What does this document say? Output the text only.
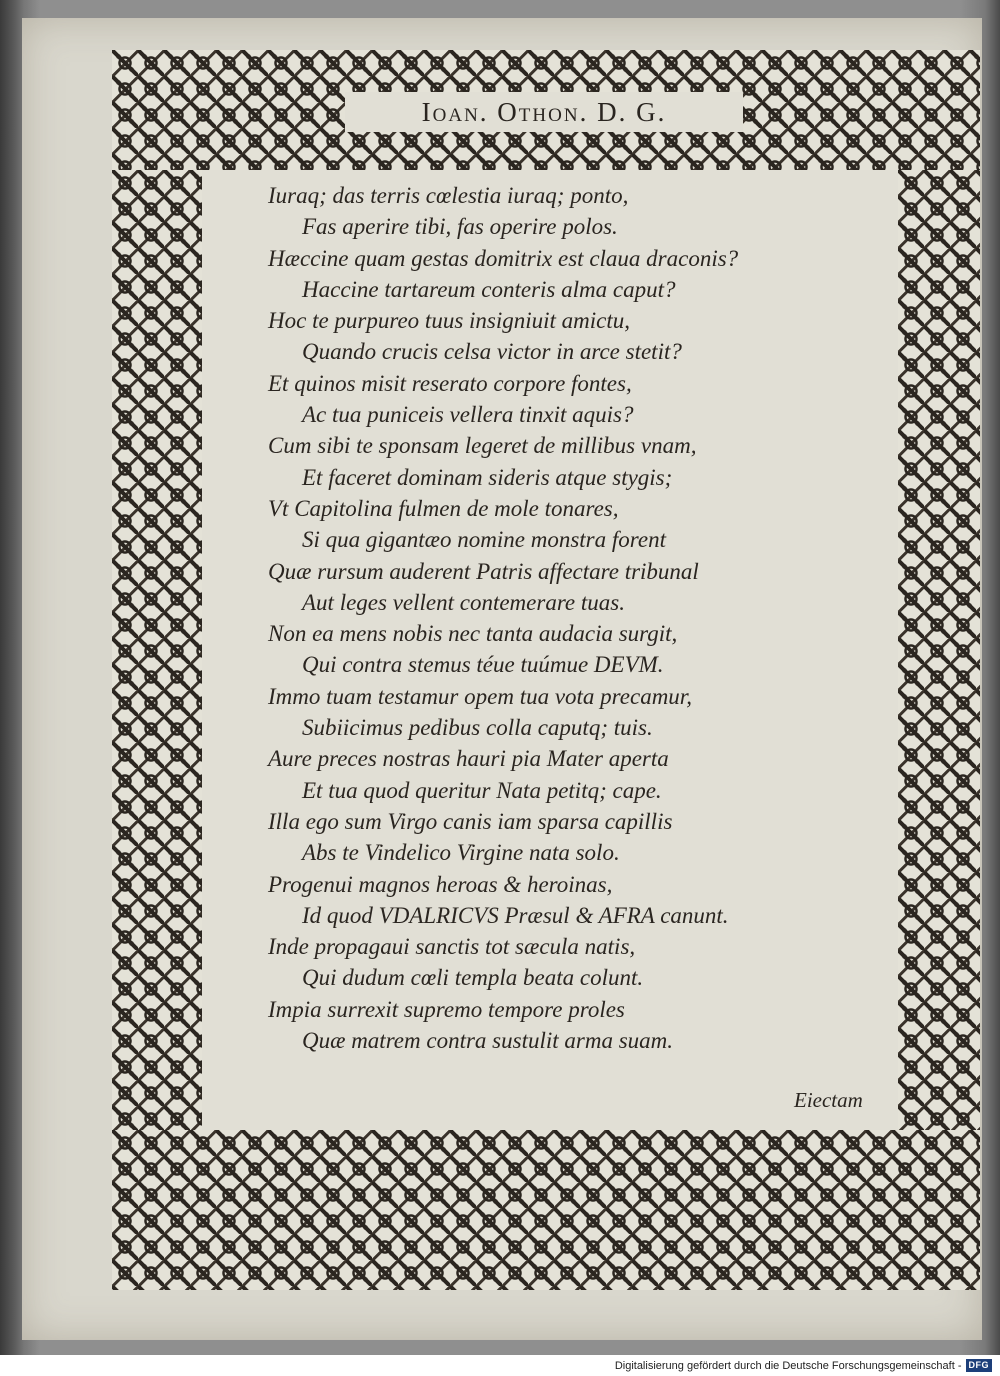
Ioan. Othon. D. G.
Iuraq; das terris cœlestia iuraq; ponto,
Fas aperire tibi, fas operire polos.
Hæccine quam gestas domitrix est claua draconis?
Haccine tartareum conteris alma caput?
Hoc te purpureo tuus insigniuit amictu,
Quando crucis celsa victor in arce stetit?
Et quinos misit reserato corpore fontes,
Ac tua puniceis vellera tinxit aquis?
Cum sibi te sponsam legeret de millibus vnam,
Et faceret dominam sideris atque stygis;
Vt Capitolina fulmen de mole tonares,
Si qua gigantæo nomine monstra forent
Quæ rursum auderent Patris affectare tribunal
Aut leges vellent contemerare tuas.
Non ea mens nobis nec tanta audacia surgit,
Qui contra stemus téue tuúmue DEVM.
Immo tuam testamur opem tua vota precamur,
Subiicimus pedibus colla caputq; tuis.
Aure preces nostras hauri pia Mater aperta
Et tua quod queritur Nata petitq; cape.
Illa ego sum Virgo canis iam sparsa capillis
Abs te Vindelico Virgine nata solo.
Progenui magnos heroas & heroinas,
Id quod VDALRICVS Præsul & AFRA canunt.
Inde propagaui sanctis tot sæcula natis,
Qui dudum cœli templa beata colunt.
Impia surrexit supremo tempore proles
Quæ matrem contra sustulit arma suam.
Eiectam
Digitalisierung gefördert durch die Deutsche Forschungsgemeinschaft - DFG
